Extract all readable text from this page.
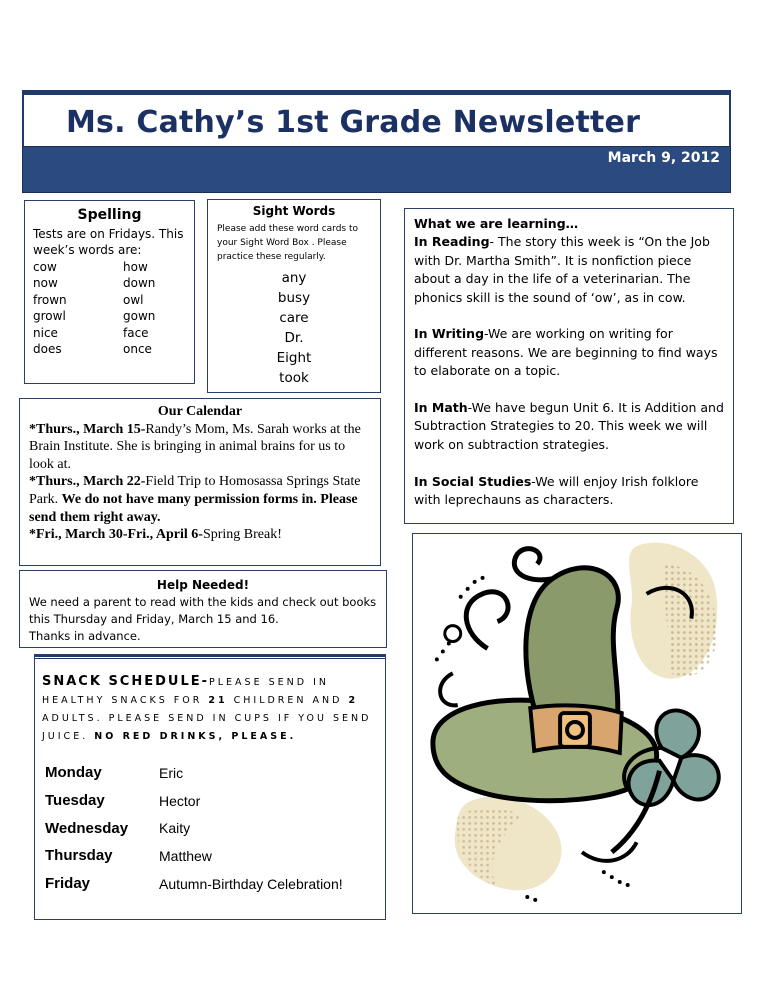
Ms. Cathy’s 1st Grade Newsletter
March 9, 2012
Spelling

Tests are on Fridays. This week’s words are:

cow	how
now	down
frown	owl
growl	gown
nice	face
does	once
Sight Words
Please add these word cards to your Sight Word Box . Please practice these regularly.
any
busy
care
Dr.
Eight
took

What we are learning…

In Reading- The story this week is “On the Job with Dr. Martha Smith”. It is nonfiction piece about a day in the life of a veterinarian. The phonics skill is the sound of ‘ow’, as in cow.

In Writing-We are working on writing for different reasons. We are beginning to find ways to elaborate on a topic.

In Math-We have begun Unit 6. It is Addition and Subtraction Strategies to 20. This week we will work on subtraction strategies.

In Social Studies-We will enjoy Irish folklore with leprechauns as characters.

Our Calendar

*Thurs., March 15-Randy’s Mom, Ms. Sarah works at the Brain Institute. She is bringing in animal brains for us to look at.

*Thurs., March 22-Field Trip to Homosassa Springs State Park. We do not have many permission forms in. Please send them right away.

*Fri., March 30-Fri., April 6-Spring Break!

Help Needed!

We need a parent to read with the kids and check out books this Thursday and Friday, March 15 and 16.

Thanks in advance.

SNACK SCHEDULE-PLEASE SEND IN HEALTHY SNACKS FOR 21 CHILDREN AND 2 ADULTS. PLEASE SEND IN CUPS IF YOU SEND JUICE. NO RED DRINKS, PLEASE.
Monday	Eric
Tuesday	Hector
Wednesday	Kaity
Thursday	Matthew
Friday	Autumn-Birthday Celebration!
